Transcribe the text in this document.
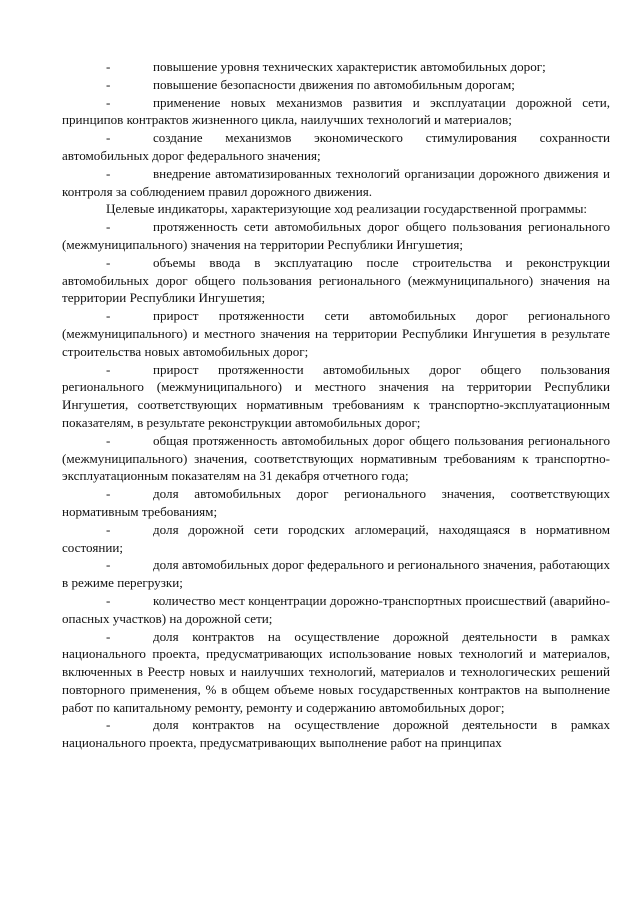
-	повышение уровня технических характеристик автомобильных дорог;

-	повышение безопасности движения по автомобильным дорогам;

-	применение новых механизмов развития и эксплуатации дорожной сети, принципов контрактов жизненного цикла, наилучших технологий и материалов;

-	создание механизмов экономического стимулирования сохранности автомобильных дорог федерального значения;

-	внедрение автоматизированных технологий организации дорожного движения и контроля за соблюдением правил дорожного движения.

Целевые индикаторы, характеризующие ход реализации государственной программы:

-	протяженность сети автомобильных дорог общего пользования регионального (межмуниципального) значения на территории Республики Ингушетия;

-	объемы ввода в эксплуатацию после строительства и реконструкции автомобильных дорог общего пользования регионального (межмуниципального) значения на территории Республики Ингушетия;

-	прирост протяженности сети автомобильных дорог регионального (межмуниципального) и местного значения на территории Республики Ингушетия в результате строительства новых автомобильных дорог;

-	прирост протяженности автомобильных дорог общего пользования регионального (межмуниципального) и местного значения на территории Республики Ингушетия, соответствующих нормативным требованиям к транспортно-эксплуатационным показателям, в результате реконструкции автомобильных дорог;

-	общая протяженность автомобильных дорог общего пользования регионального (межмуниципального) значения, соответствующих нормативным требованиям к транспортно-эксплуатационным показателям на 31 декабря отчетного года;

-	доля автомобильных дорог регионального значения, соответствующих нормативным требованиям;

-	доля дорожной сети городских агломераций, находящаяся в нормативном состоянии;

-	доля автомобильных дорог федерального и регионального значения, работающих в режиме перегрузки;

-	количество мест концентрации дорожно-транспортных происшествий (аварийно-опасных участков) на дорожной сети;

-	доля контрактов на осуществление дорожной деятельности в рамках национального проекта, предусматривающих использование новых технологий и материалов, включенных в Реестр новых и наилучших технологий, материалов и технологических решений повторного применения, % в общем объеме новых государственных контрактов на выполнение работ по капитальному ремонту, ремонту и содержанию автомобильных дорог;

-	доля контрактов на осуществление дорожной деятельности в рамках национального проекта, предусматривающих выполнение работ на принципах
